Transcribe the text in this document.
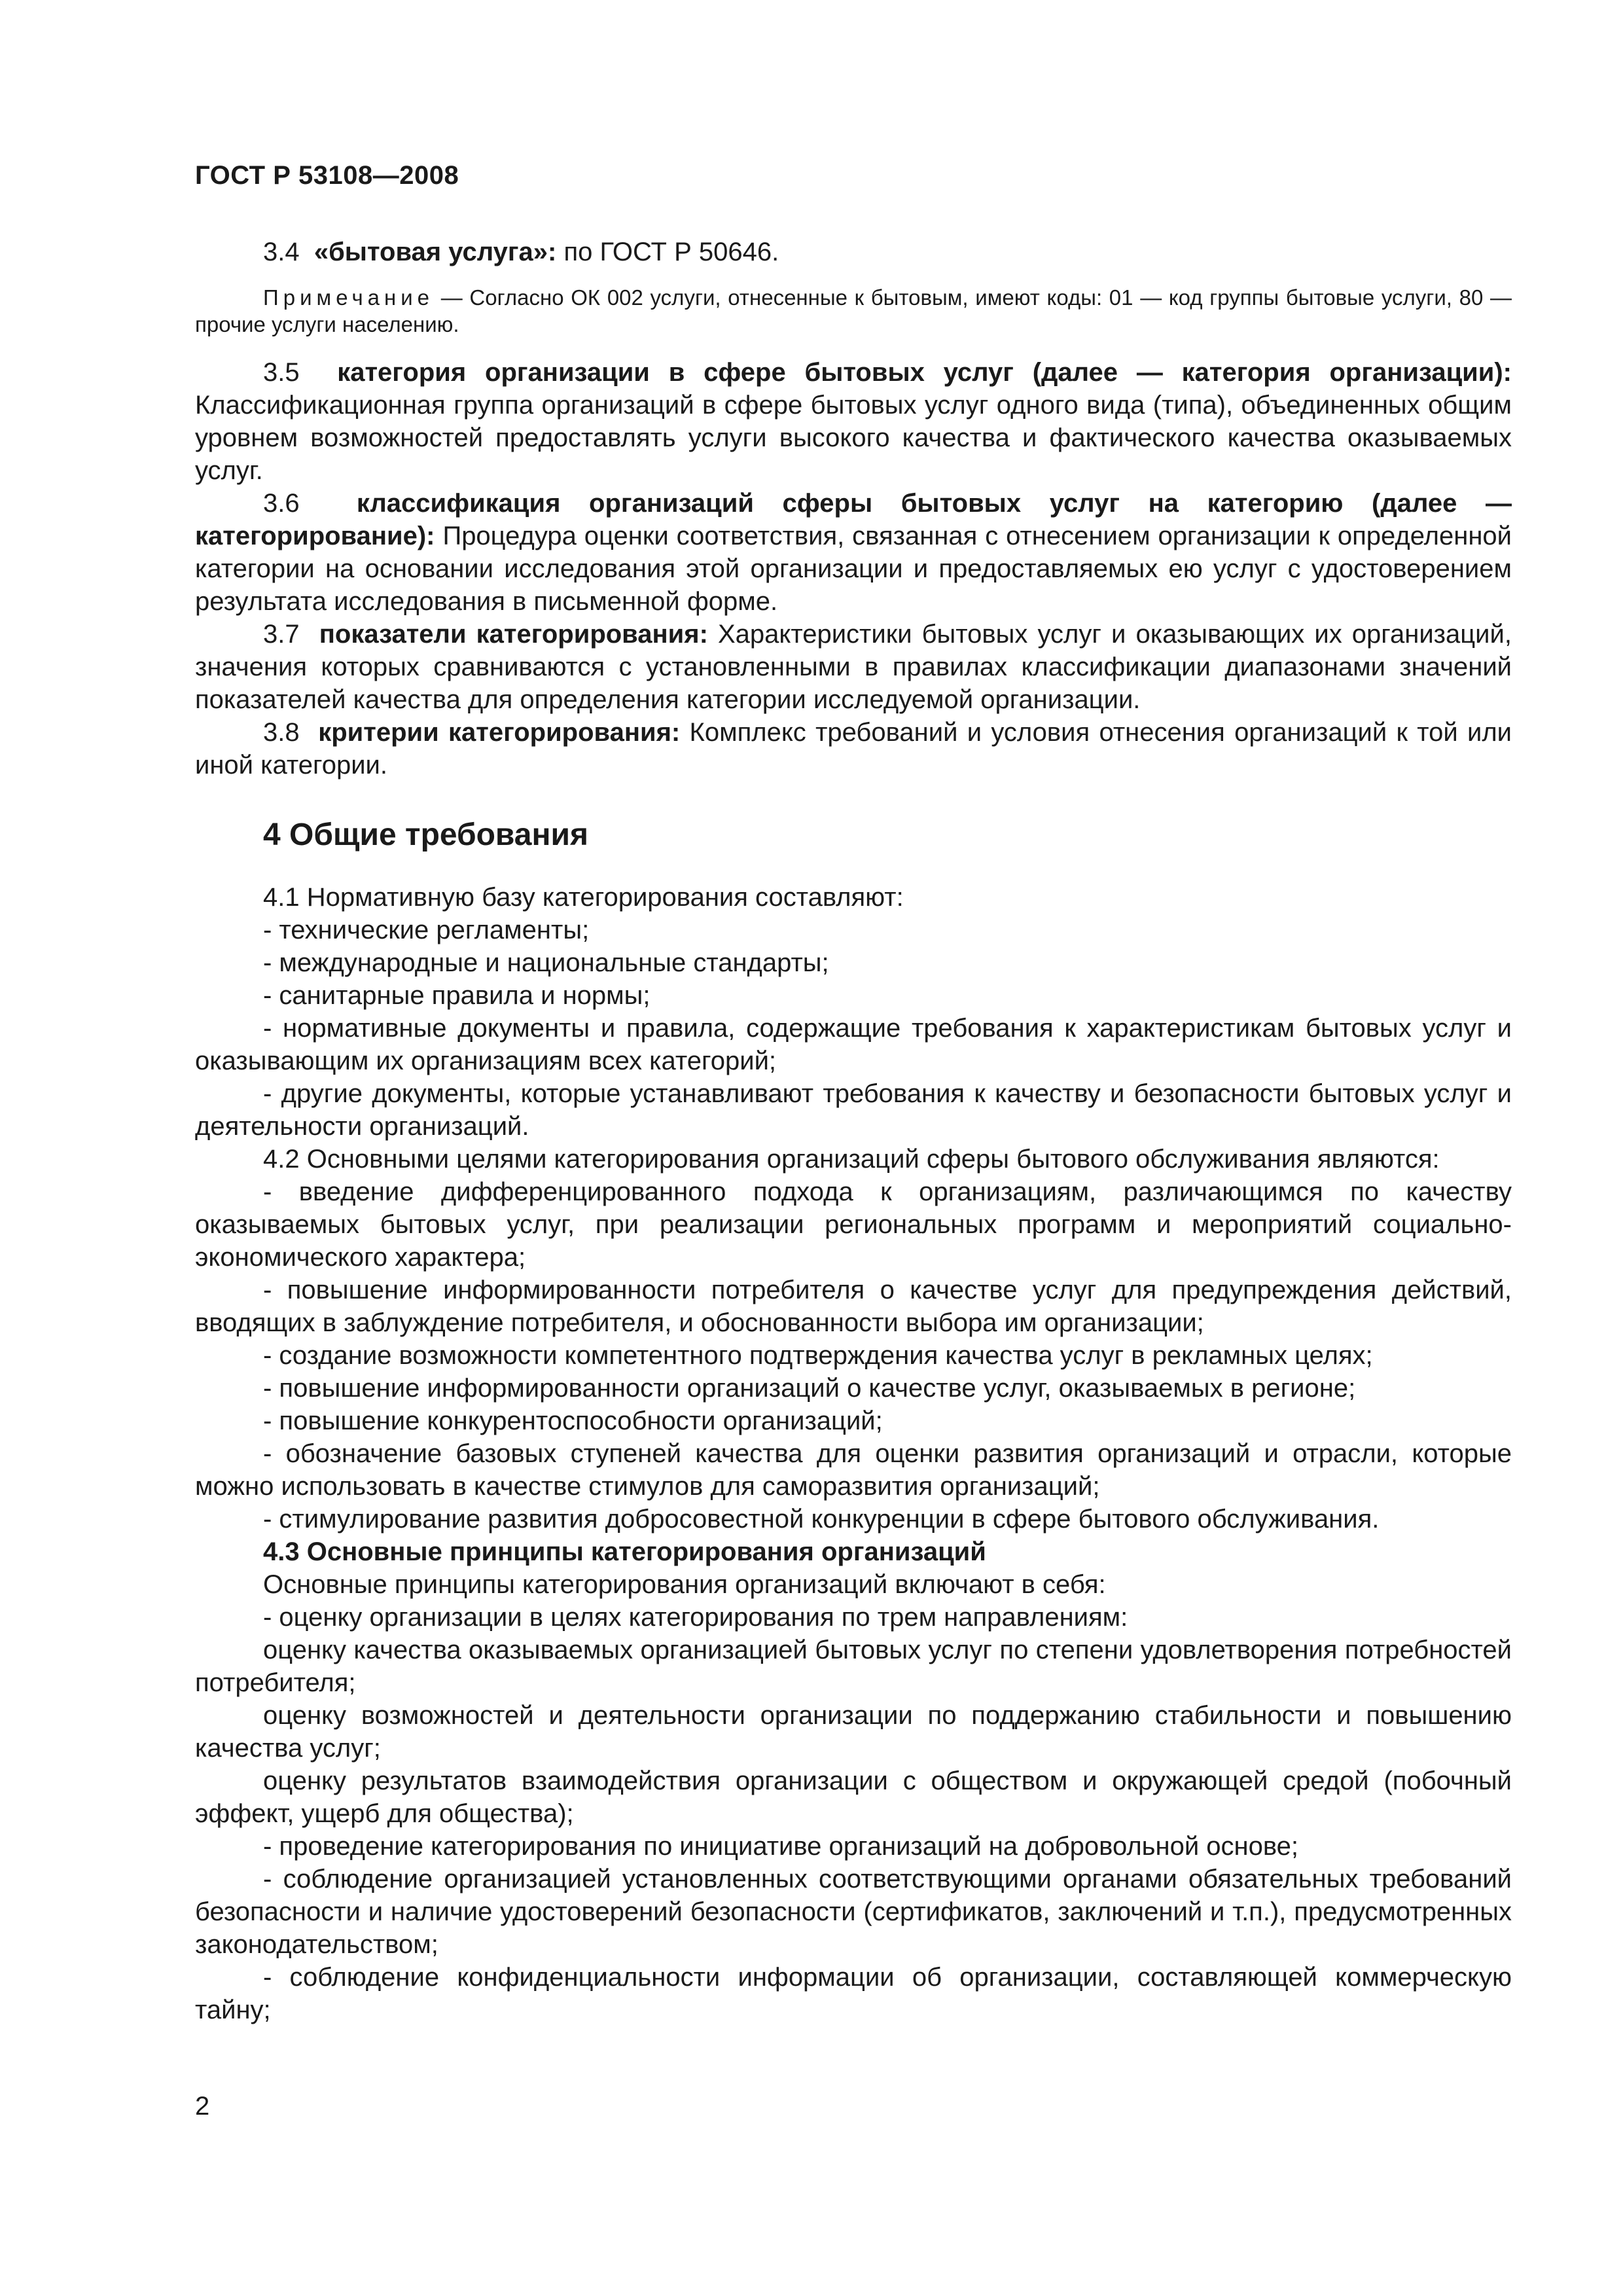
ГОСТ Р 53108—2008

3.4 «бытовая услуга»: по ГОСТ Р 50646.

Примечание — Согласно ОК 002 услуги, отнесенные к бытовым, имеют коды: 01 — код группы бытовые услуги, 80 — прочие услуги населению.

3.5 категория организации в сфере бытовых услуг (далее — категория организации): Классификационная группа организаций в сфере бытовых услуг одного вида (типа), объединенных общим уровнем возможностей предоставлять услуги высокого качества и фактического качества оказываемых услуг.

3.6 классификация организаций сферы бытовых услуг на категорию (далее — категорирование): Процедура оценки соответствия, связанная с отнесением организации к определенной категории на основании исследования этой организации и предоставляемых ею услуг с удостоверением результата исследования в письменной форме.

3.7 показатели категорирования: Характеристики бытовых услуг и оказывающих их организаций, значения которых сравниваются с установленными в правилах классификации диапазонами значений показателей качества для определения категории исследуемой организации.

3.8 критерии категорирования: Комплекс требований и условия отнесения организаций к той или иной категории.

4 Общие требования

4.1 Нормативную базу категорирования составляют:

- технические регламенты;

- международные и национальные стандарты;

- санитарные правила и нормы;

- нормативные документы и правила, содержащие требования к характеристикам бытовых услуг и оказывающим их организациям всех категорий;

- другие документы, которые устанавливают требования к качеству и безопасности бытовых услуг и деятельности организаций.

4.2 Основными целями категорирования организаций сферы бытового обслуживания являются:

- введение дифференцированного подхода к организациям, различающимся по качеству оказываемых бытовых услуг, при реализации региональных программ и мероприятий социально-экономического характера;

- повышение информированности потребителя о качестве услуг для предупреждения действий, вводящих в заблуждение потребителя, и обоснованности выбора им организации;

- создание возможности компетентного подтверждения качества услуг в рекламных целях;

- повышение информированности организаций о качестве услуг, оказываемых в регионе;

- повышение конкурентоспособности организаций;

- обозначение базовых ступеней качества для оценки развития организаций и отрасли, которые можно использовать в качестве стимулов для саморазвития организаций;

- стимулирование развития добросовестной конкуренции в сфере бытового обслуживания.

4.3 Основные принципы категорирования организаций

Основные принципы категорирования организаций включают в себя:

- оценку организации в целях категорирования по трем направлениям:

оценку качества оказываемых организацией бытовых услуг по степени удовлетворения потребностей потребителя;

оценку возможностей и деятельности организации по поддержанию стабильности и повышению качества услуг;

оценку результатов взаимодействия организации с обществом и окружающей средой (побочный эффект, ущерб для общества);

- проведение категорирования по инициативе организаций на добровольной основе;

- соблюдение организацией установленных соответствующими органами обязательных требований безопасности и наличие удостоверений безопасности (сертификатов, заключений и т.п.), предусмотренных законодательством;

- соблюдение конфиденциальности информации об организации, составляющей коммерческую тайну;

2
